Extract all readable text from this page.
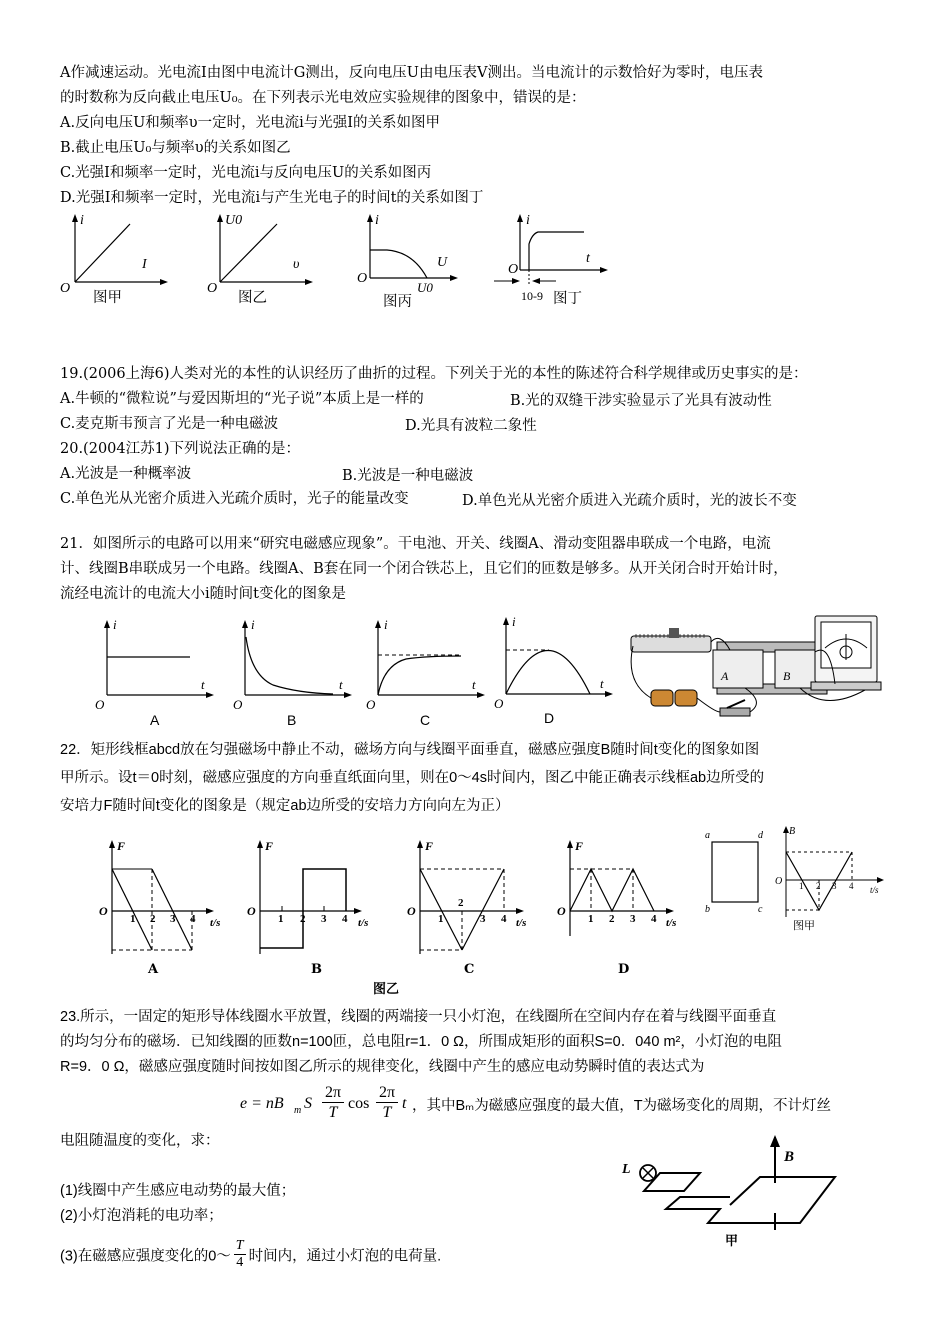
A作减速运动。光电流I由图中电流计G测出，反向电压U由电压表V测出。当电流计的示数恰好为零时，电压表
的时数称为反向截止电压U₀。在下列表示光电效应实验规律的图象中，错误的是：
A.反向电压U和频率υ一定时，光电流i与光强I的关系如图甲
B.截止电压U₀与频率υ的关系如图乙
C.光强I和频率一定时，光电流i与反向电压U的关系如图丙
D.光强I和频率一定时，光电流i与产生光电子的时间t的关系如图丁
i
I
O
图甲
U0
υ
O
图乙
i
U
O
U0
图丙
i
t
O
10-9 图丁
19.(2006上海6)人类对光的本性的认识经历了曲折的过程。下列关于光的本性的陈述符合科学规律或历史事实的是：
A.牛顿的“微粒说”与爱因斯坦的“光子说”本质上是一样的	B.光的双缝干涉实验显示了光具有波动性
C.麦克斯韦预言了光是一种电磁波	D.光具有波粒二象性
20.(2004江苏1)下列说法正确的是：
A.光波是一种概率波	B.光波是一种电磁波
C.单色光从光密介质进入光疏介质时，光子的能量改变	D.单色光从光密介质进入光疏介质时，光的波长不变
21．如图所示的电路可以用来“研究电磁感应现象”。干电池、开关、线圈A、滑动变阻器串联成一个电路，电流
计、线圈B串联成另一个电路。线圈A、B套在同一个闭合铁芯上，且它们的匝数是够多。从开关闭合时开始计时，
流经电流计的电流大小i随时间t变化的图象是
i
t
O
A
i
t
O
B
i
t
O
C
i
t
O
D
A	B
22．矩形线框abcd放在匀强磁场中静止不动，磁场方向与线圈平面垂直，磁感应强度B随时间t变化的图象如图
甲所示。设t＝0时刻，磁感应强度的方向垂直纸面向里，则在0～4s时间内，图乙中能正确表示线框ab边所受的
安培力F随时间t变化的图象是（规定ab边所受的安培力方向向左为正）
F
O
1 2 3 4 t/s
A
F
O
1 2 3 4 t/s
B
F
O
1
2
3 4 t/s
C
F
O
1 2 3 4 t/s
D
图乙
a	d
b	c
B
O 1 2 3 4 t/s
图甲
23.所示，一固定的矩形导体线圈水平放置，线圈的两端接一只小灯泡，在线圈所在空间内存在着与线圈平面垂直
的均匀分布的磁场．已知线圈的匝数n=100匝，总电阻r=1．0 Ω，所围成矩形的面积S=0．040 m²，小灯泡的电阻
R=9．0 Ω，磁感应强度随时间按如图乙所示的规律变化，线圈中产生的感应电动势瞬时值的表达式为
e = nB m S $\frac{2\pi}{T}$ $\cos \frac{2\pi}{T}$ t ，其中Bₘ为磁感应强度的最大值，T为磁场变化的周期，不计灯丝
电阻随温度的变化，求：
(1)线圈中产生感应电动势的最大值；
(2)小灯泡消耗的电功率；
(3)在磁感应强度变化的0～ $\frac{T}{4}$ 时间内，通过小灯泡的电荷量.
L
B
甲
